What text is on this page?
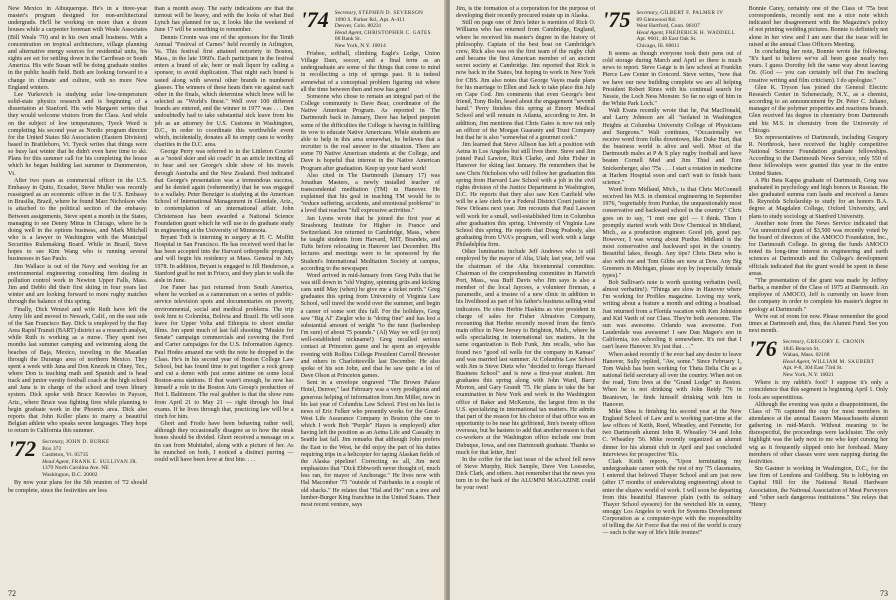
New Mexico in Albuquerque. He's in a three-year master's program designed for non-architectural undergrads. He'll be working on more than a dozen houses while a carpenter foreman with Weale Associates (Bill Weale '70) and in his own small business. With a concentration on tropical architecture, village planning and alternative energy sources for residential units, his sights are set for settling down in the Carribean or South America. His wife Susan will be doing graduate studies in the public health field. Both are looking forward to a change in climate and culture, with no more New England winters.

Lee Yurkovich is studying solar low-temperature solid-state physics research and is beginning of a dissertation at Stanford. His wife Margaret writes that they would welcome visitors from the Class. And while on the subject of low temperatures, Tyeck Weed is completing his second year as Nordic program director for the United States Ski Association (Eastern Division) based in Brattleboro, Vt. Tyeck writes that things were so busy last winter that he didn't even have time to ski. Plans for this summer call for his completing the house which he began building last summer in Dummerston, Vt.

After two years as commercial officer in the U.S. Embassy in Quito, Ecuador, Steve Muller was recently reassigned as an economic officer in the U.S. Embassy in Brasilia, Brazil, where he found Marc Nicholson who is attached to the political section of the embassy. Between assignments, Steve spent a month in the States, managing to see Denny Mitus in Chicago, where he is doing well in the options business, and Mark Mitchell who is a lawyer in Washington with the Municipal Securities Rulemaking Board. While in Brazil, Steve hopes to see Kim Wang who is running several businesses in Sao Paulo.

Jim Wallace is out of the Navy and working for an environmental engineering consulting firm dealing in pollution control work in Newton Upper Falls, Mass. Jim and Debbi did their first skiing in four years last winter and are looking forward to more rugby matches through the balance of this spring.

Finally, Dick Wenzel and wife Ruth have left the Army life and moved to Newark, Calif., on the east side of the San Francisco Bay. Dick is employed by the Bay Area Rapid Transit (BART) district as a research analyst, while Ruth is working as a nurse. They spent two months last summer camping and swimming along the beaches of Baja, Mexico, traveling in the Mazatlan through the Durango area of northern Mexico. They spent a week with Jana and Don Knezek in Olney, Tex., where Don is teaching math and Spanish and is head track and junior varsity football coach at the high school and Jana is in charge of the school and town library system. Dick spoke with Bruce Knowles in Payson, Ariz., where Bruce was fighting fires while planning to begin graduate work in the Phoenix area. Dick also reports that John Koller plans to marry a beautiful Belgian athlete who speaks seven languages. They hope to return to California this summer.

'72 Secretary, JOHN D. BURKE
Box 372
Castleton, Vt. 05735
Head Agent, FRANK E. SULLIVAN JR.
1379 North Carolina Ave. NE
Washington, D.C. 20002

By now your plans for the 5th reunion of '72 should be complete, since the festivities are less

than a month away. The early indications are that the turnout will be heavy, and with the looks of what Bud Lynch has planned for us, it looks like the weekend of June 17 will be something to remember.

Dennis Cronin was one of the sponsors for the Tenth Annual "Festival of Carnes" held recently in Arlington, Va. This festival first attained notoriety in Boston, Mass., in the late 1960's. Each participant in the festival enters a brand of ale, beer or malt liquor by calling a sponsor, to avoid duplication. That night each brand is tasted along with several other brands in numbered glasses. The winners of these heats then vie against each other in the finals, which determine which brew will be selected as "World's finest." Well over 100 different brands are entered, and the winner in 1977 was . . . Den undoubtedly had to take substantial sick leave from his job as an attorney for U.S. Customs in Washington, D.C., in order to coordinate this worthwhile event which, incidentally, donates all its empty cans to worthy charities in the D.C. area.

George Perry was referred to in the Littleton Courier as a "noted skier and ski coach" in an article inviting all to hear and see George's slide show of his travels through Australia and the New Zealand. Fred indicated that George's presentation was a tremendous success, and he denied again (vehemently) that he was engaged to a wallaby. Peter Benziger is studying at the American School of International Management in Glendale, Ariz., in contemplation of an international affair. John Christenson has been awarded a National Science Foundation grant which he will use to do graduate study in engineering at the University of Minnesota.

Bryant Toth is interning in surgery at H. C. Moffitt Hospital in San Francisco. He has received word that he has been accepted into the Harvard orthopedic program, and will begin his residency at Mass. General in July 1978. In addition, Bryant is engaged to Jill Henderson, a Stanford grad he met in Frisco, and they plan to walk the aisle in June.

Joe Faner has just returned from South America, where he worked as a cameraman on a series of public-service television spots and documentaries on poverty, environmental, social and medical problems. The trip took him to Colombia, Bolivia and Brazil. He will soon leave for Upper Volta and Ethiopia to shoot similar films. Jon spent much of last fall shooting "Muskie for Senate" campaign commercials and covering the Ford and Carter campaigns for the U.S. Information Agency. Paul Hodes amazed me with the note he dropped to the Class. He's in his second year of Boston College Law School, but has found time to put together a rock group and cut a demo with just some airtime on some local Boston-area stations. If that wasn't enough, he now has himself a role in the Boston Arts Group's production of Hot L Baltimore. The real grabber is that the show runs from April 21 to May 21 — right through his final exams. If he lives through that, practicing law will be a cinch for him.

Ghort and Frodo have been behaving rather well, although they occasionally disagree as to how the steak bones should be divided. Ghort received a message on a tin can from Muhitabel, along with a picture of her. As he munched on both, I noticed a distinct purring — could will have been love at first bite. . . .

'74 Secretary, STEPHEN D. SEVERSON
1090 S. Parker Rd., Apt. A-411
Denver, Colo. 80231
Head Agent, CHRISTOPHER C. GATES
68 Bank St.
New York, N.Y. 10014

Frisbee, softball, climbing Eagle's Ledge, Union Village Dam, soccer, and a final term as an undergraduate are some of the things that come to mind in recollecting a trip of springs past. It is indeed somewhat of a conceptual problem figuring out where all the time between then and now has gone!

Someone who chose to remain an integral part of the College community is Dave Bear, coordinator of the Native American Program. As reported in The Dartmouth back in January, Dave has helped pinpoint some of the difficulties the College is having in fulfilling its vow to educate Native Americans. While students are able to help in this area somewhat, he believes that a recruiter is the real answer to the situation. There are some 70 Native American students at the College, and Dave is hopeful that interest in the Native American Program after graduation. Keep up your hard work!

Also cited in The Dartmouth (January 17) was Jonathan Masters, a newly installed teacher of transcendental meditation (TM) in Hanover. He explained that his goal in teaching TM would be to "reduce suffering, accidents, and emotional problems" to a level that reaches "full expressive activities."

Jan Lyons wrote that he joined the first year at Strasbourg Institute for Higher in France and Switzerland. Jon returned to Cambridge, Mass., where he taught students from Harvard, MIT, Brandeis, and Tufts before relocating in Hanover last December. His lectures and meetings were to be sponsored by the Student's International Meditation Society at campus, according to the newspaper.

Word arrived in mid-January from Greg Pulis that he was still down in "old Virginy, spinning grits and kicking cans until May (when) he give me a ticket north." Greg graduates this spring from University of Virginia Law School, will travel the world over the summer, and begin a career of some sort this fall. For the holidays, Greg saw "Big Al" Ziegler who is "doing fine" and has lost a substantial amount of weight "to the tune (barbershop I'm sure) of about 75 pounds." (Al) Way we will (or not) well-established nickname!) Greg recalled serious contact at Princeton game and he spent an enjoyable evening with Rollins College President Carroll Brewster and others in Charlottesville last December. He also spoke of his son John, and that he saw quite a lot of Dave Olson at Princeton games.

Sent in a envelope engraved "The Brown Palace Hotel, Denver," last February was a very prodigious and generous helping of information from Jim Miller, now in his last year of Columbia Law School. First on his list is news of Eric Felker who presently works for the Great-West Life Assurance Company in Boston (the one to which I work Bob "Purple" Hayes is employed) after having left the position as an Aetna Life and Casualty in Seattle last fall. Jim remarks that although John prefers the East to the West, he did enjoy the part of his duties requiring trips in a helicopter for taping Alaskan fields of the Alaska pipeline! Correcting us all, Jim next emphasizes that "Dick Ebbworth never thought of, much less ran, for mayor of Anchorage." He lives now with Hal Macomber '75 "outside of Fairbanks in a couple of old shacks." He relates that "Hal and Ho" run a tree and lumber-Burger King franchise in the United States. Their most recent venture, says

72

Jim, is the formation of a corporation for the purpose of developing their recently procured estate up in Alaska.

Still on page one of Jim's letter is mention of Rick O. Williams who has returned from Cambridge, England, where he received his master's degree in the history of philosophy. Captain of the best boat on Cambridge's crew, Rick also was on the first team of the rugby club and became the first American member of an ancient secret society at Cambridge. Jim reported that Rick is now back in the States, but hoping to work in New York for CBS. Jim also notes that George Vayes made plans for his marriage to Ellen and Jack to take place this July on Cape Cod. Jim comments that even George's best friend, Tony Bolin, heard about the engagement "seventh hand." Perry finishes this spring at Emory Medical School and will remain in Atlanta, according to Jim. In addition, Jim mentions that Chris Gates is now not only an officer of the Morgan Guaranty and Trust Company but that he is also "somewhat of a gourmet cook."

Jim learned that Steve Allison has left a position with Aetna in Los Angeles but still lives there. Steve and Jim joined Paul Lawton, Rick Clarke, and John Fisher in Hanover for skiing last January. He remembers that he saw Chris Nicholson who will follow her graduation this spring from Harvard Law School with a job in the civil rights division of the Justice Department in Washington, D.C. He reports that they also saw Ken Canfield who will be a law clerk for a Federal District Court justice in New Orleans next year. Jim recounts that Paul Lawson will work for a small, well-established firm in Columbus after graduation this spring. University of Virginia Law School this spring. He reports that Doug Peabody, also graduating from UVA's program, will work with a large Philadelphia firm.

Other luminaries include Jeff Andrews who is still employed by the mayor of Alta, Utah; last year, Jeff was the chairman of the Alta bicentennial committee. Chairman of the comprehending committee in Harwich Port, Mass., was Buff Davis who Jim says is also a member of the local Jaycees, a volunteer fireman, a paramedic, and a trustee of a new clinic in addition to his livelihood as part of his father's business selling wind indicators. He cites Herbie Haskins as vice president in charge of sales for Fisher Abrasives Company, recounting that Herbie recently moved from the firm's main office in New Jersey to Brighton, Mich., where he sells specializing in international tax matters. In the same organization is Bob Funk, Jim recalls, who has found two "good oil wells for the company in Kansas" and was married last summer. At Columbia Law School with Jim is Steve Dietz who "decided to forego Harvard Business School" and is now a first-year student. Jim graduates this spring along with John Ward, Barry Morton, and Gary Grandi '75. He plans to take the bar examination in New York and work in the Washington office of Baker and McKenzie, the largest firm in the U.S. specializing in international tax matters. He admits that part of the reason for his choice of that office was an opportunity to be near his girlfriend, Jim's twenty offices overseas, but he hastens to add that another reason is that co-workers at the Washington office include one from Dubuque, Iowa, and one Dartmouth graduate. Thanks so much for that letter, Jim!

In the coffer for the last issue of the school fell news of Steve Murphy, Rick Sample, Dave Von Loesecke, Dick Clark, and others. Just remember that the news you turn in to the back of the ALUMNI MAGAZINE could be your own!

'75 Secretary, GILBERT F. PALMER IV
69 Glenwood Rd.
West Hartford, Conn. 06107
Head Agent, FREDERICK H. WADDELL
Apt. #601, 40 East Oak St.
Chicago, Ill. 60611

It seems as though everyone took their pens out of cold storage during March and April so there is much news to report. Steve Gaige is in law school at Franklin Pierce Law Center in Concord. Steve writes, "now that we have our new building complete we are all helping President Robert Rines with his continual search for Nessie, the Loch Ness Monster. So far no sign of him in the White Park Loch."

Walt Evans recently wrote that he, Pat MacDonald, and Larry Johnson are all "isolated in Washington Heights at Columbia University College of Physicians and Surgeons." Walt continues, "Occasionally we receive word from folks downtown, like Duke Hart, that the business world is alive and well. Most of the Dartmouth males at P & S play rugby football and have beaten Cornell Med and Jim Thiel and Tom Snickenberger, also '75s . . . I start a rotation in medicine at Harlem Hospital soon and can't wait to finish basic science."

Word from Midland, Mich., is that Chris McConnell received his M.S. in chemical engineering in September 1976, "regrettably from Purdue, the unquestionably most conservative and backward school in the country." Chris goes on to say, "I met one girl — I think. Then I promptly started work with Dow Chemical in Midland, Mich., as a production engineer. Good job, good pay. However, I was wrong about Purdue. Midland is the most conservative and backward spot in the country. Beautiful lakes, though. Any tips? Chris Dietz who is also with me and Tom Gibbs are now at Dow. Any Big Greeners in Michigan, please stop by (especially female types)."

Bob Sullivan's note is worth quoting verbatim (well, almost verbatim!). "Things are slow in Hanover where I'm working for Profiles magazine. Loving my work, writing about a feature a month and editing a boatload. Just returned from a Florida vacation with Ken Johnston and Kid Vaeth of our Class. They're both awesome. The sun was awesome. Orlando was awesome. Fort Lauderdale was awesome! I saw Dan Magee's son in California, too schooling it somewhere. It's not that I can't leave Hanover. It's just that . . ."

When asked recently if he ever had any desire to leave Hanover, Sully replied, "Aw, some." Since February 1, Tom Walsh has been working for Theta Delta Chi as a national field secretary all over the country. When not on the road, Tom lives at the "Grand Lodge" in Boston. When he is not drinking with John Reidy '76 in Beantown, he finds himself drinking with him in Hanover.

Mike Shea is finishing his second year at the New England School of Law and is working part-time at the law offices of Keith, Reed, Wheatley, and Fennette, for two Dartmouth alumni John R. Wheatley '34 and John C. Wheatley '56. Mike recently organized an alumni dinner for his alumni club in April and just concluded interviews for prospective '81s.

Clark Keith reports, "Upon terminating my undergraduate career with the rest of my '75 classmates, I entered that beloved Thayer School and am just now (after 17 months of undervaluing engineering) about to enter the elusive world of work. I will soon be departing from this beautiful Hanover plain (with its solitary Thayer School eyesore) for the wretched life in sunny, smoggy Los Angeles to work for Systems Development Corporation as a computer-type with the responsibility of telling the Air Force that the rest of the world is crazy — such is the way of life's little ironies!"

Bonnie Carey, certainly one of the Class of '75s best correspondents, recently sent me a nice note which indicated her disagreement with the Magazine's policy of not printing wedding pictures. Bonnie is definitely not alone in her view and I am sure that the issue will be raised at the annual Class Officers Meeting.

In concluding her note, Bonnie wrote the following. "It's hard to believe we've all been gone nearly two years. I guess Dorothy felt the same way about leaving Oz. (God — you can certainly tell that I'm teaching creative writing and film criticism). I do apologize."

Glen K. Tryson has joined the General Electric Research Center in Schenectady, N.Y., as a chemist, according to an announcement by Dr. Peter C. Juliano, manager of the polymer properties and reactions branch. Glen received his degree in chemistry from Dartmouth and his M.S. in chemistry from the University of Chicago.

Six representatives of Dartmouth, including Gregory R. Northrook, have received the highly competitive National Science Foundation graduate fellowships. According to the Dartmouth News Service, only 550 of these fellowships were granted this year in the entire United States.

A Phi Beta Kappa graduate of Dartmouth, Greg was graduated in psychology and high honors in Russian. He also graduated summa cum laude and received a James B. Reynolds Scholarship to study for an honors B.A. degree at Magdalen College, Oxford University, and plans to study sociology at Stanford University.

Another note from the News Service indicated that "An unrestricted grant of $3,500 was recently voted by the board of directors of the AMOCO Foundation, Inc., for Dartmouth College. In giving the funds AMOCO noted its long-time interest in engineering and earth sciences at Dartmouth and the College's development officials indicated that the grant would be spent in these areas.

"The presentation of the grant was made by Jeffrey Barba, a member of the Class of 1975 at Dartmouth. An employee of AMOCO, Jeff is currently on leave from the company in order to complete his master's degree in geology at Dartmouth."

We're out of room for now. Please remember the good times at Dartmouth and, thus, the Alumni Fund. See you next month.

'76 Secretary, GREGORY E. CRONIN
1845 Beacon St.
Waban, Mass. 02168
Head Agent, WILLIAM M. SAUBERT
Apt. #-8, 304 East 73rd St.
New York, N.Y. 10021

Where is my rabbit's foot? I suppose it's only a coincidence that this segment is beginning April 1. Only fools are superstitious.

Although the evening was quite a disappointment, the Class of '76 captured the cup for most members in attendance at the annual Eastern Massachusetts alumni gathering in mid-March. Without meaning to be disrespectful, the proceedings were lackluster. The only highlight was the lady next to me who kept cursing her wig as it frequently slipped onto her forehead. Many members of other classes were seen napping during the festivities.

Stu Gastner is working in Washington, D.C., for the law firm of Londons and Goldberg. Stu is lobbying on Capital Hill for the National Retail Hardware Association, the National Association of Meat Purveyors and "other such dangerous institutions." Stu relays that "Henry

73
